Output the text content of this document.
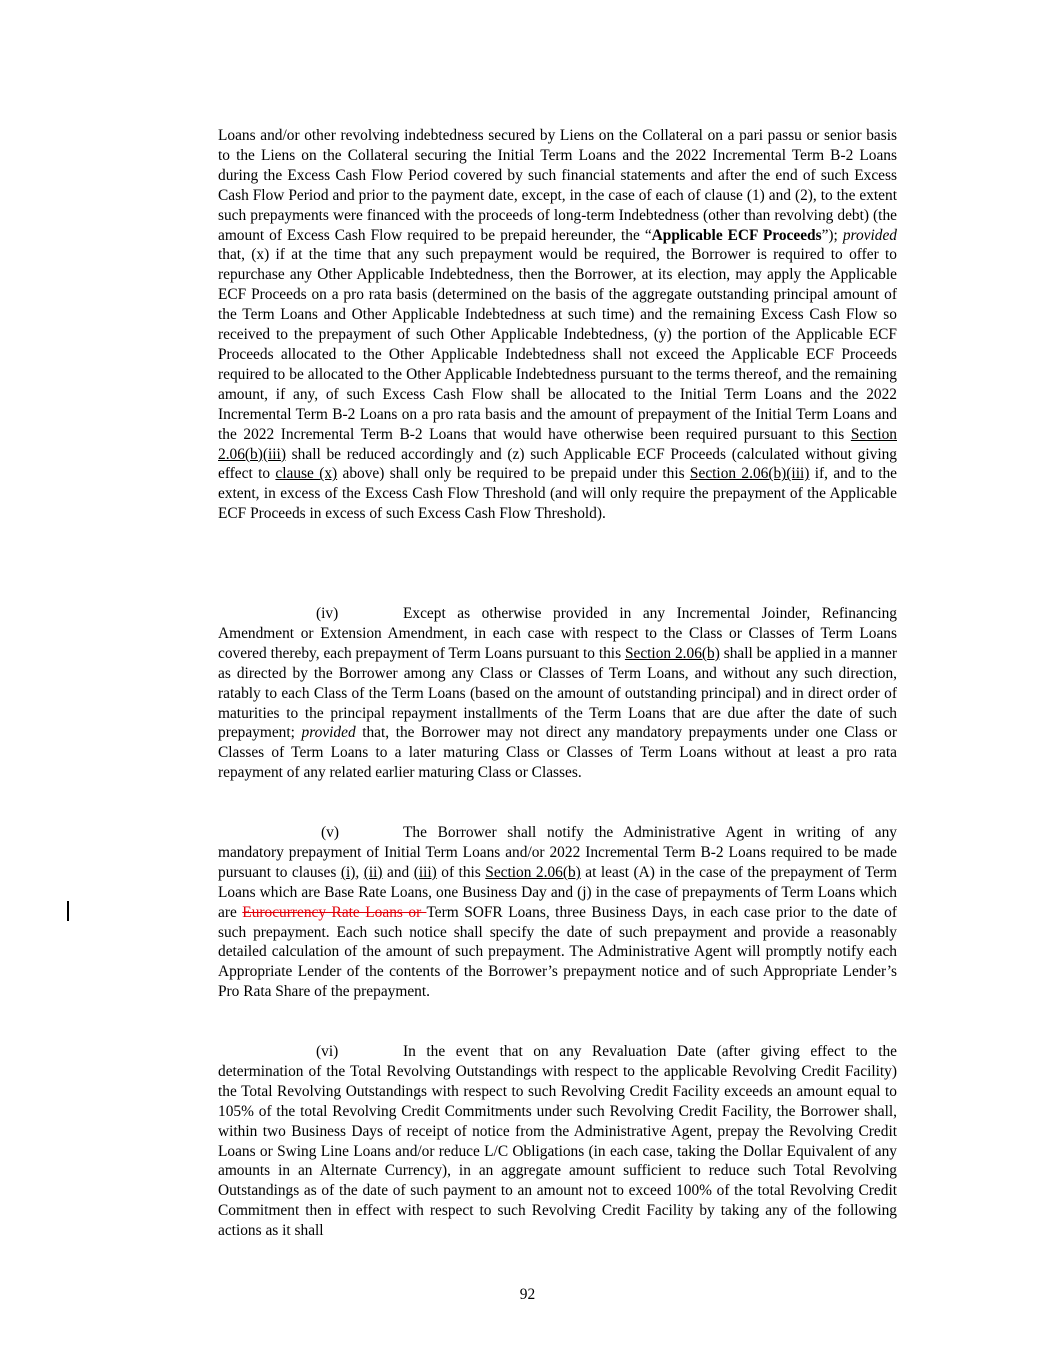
Loans and/or other revolving indebtedness secured by Liens on the Collateral on a pari passu or senior basis to the Liens on the Collateral securing the Initial Term Loans and the 2022 Incremental Term B-2 Loans during the Excess Cash Flow Period covered by such financial statements and after the end of such Excess Cash Flow Period and prior to the payment date, except, in the case of each of clause (1) and (2), to the extent such prepayments were financed with the proceeds of long-term Indebtedness (other than revolving debt) (the amount of Excess Cash Flow required to be prepaid hereunder, the “Applicable ECF Proceeds”); provided that, (x) if at the time that any such prepayment would be required, the Borrower is required to offer to repurchase any Other Applicable Indebtedness, then the Borrower, at its election, may apply the Applicable ECF Proceeds on a pro rata basis (determined on the basis of the aggregate outstanding principal amount of the Term Loans and Other Applicable Indebtedness at such time) and the remaining Excess Cash Flow so received to the prepayment of such Other Applicable Indebtedness, (y) the portion of the Applicable ECF Proceeds allocated to the Other Applicable Indebtedness shall not exceed the Applicable ECF Proceeds required to be allocated to the Other Applicable Indebtedness pursuant to the terms thereof, and the remaining amount, if any, of such Excess Cash Flow shall be allocated to the Initial Term Loans and the 2022 Incremental Term B-2 Loans on a pro rata basis and the amount of prepayment of the Initial Term Loans and the 2022 Incremental Term B-2 Loans that would have otherwise been required pursuant to this Section 2.06(b)(iii) shall be reduced accordingly and (z) such Applicable ECF Proceeds (calculated without giving effect to clause (x) above) shall only be required to be prepaid under this Section 2.06(b)(iii) if, and to the extent, in excess of the Excess Cash Flow Threshold (and will only require the prepayment of the Applicable ECF Proceeds in excess of such Excess Cash Flow Threshold).

(iv)	Except as otherwise provided in any Incremental Joinder, Refinancing Amendment or Extension Amendment, in each case with respect to the Class or Classes of Term Loans covered thereby, each prepayment of Term Loans pursuant to this Section 2.06(b) shall be applied in a manner as directed by the Borrower among any Class or Classes of Term Loans, and without any such direction, ratably to each Class of the Term Loans (based on the amount of outstanding principal) and in direct order of maturities to the principal repayment installments of the Term Loans that are due after the date of such prepayment; provided that, the Borrower may not direct any mandatory prepayments under one Class or Classes of Term Loans to a later maturing Class or Classes of Term Loans without at least a pro rata repayment of any related earlier maturing Class or Classes.

(v)	The Borrower shall notify the Administrative Agent in writing of any mandatory prepayment of Initial Term Loans and/or 2022 Incremental Term B-2 Loans required to be made pursuant to clauses (i), (ii) and (iii) of this Section 2.06(b) at least (A) in the case of the prepayment of Term Loans which are Base Rate Loans, one Business Day and (j) in the case of prepayments of Term Loans which are Eurocurrency Rate Loans or Term SOFR Loans, three Business Days, in each case prior to the date of such prepayment. Each such notice shall specify the date of such prepayment and provide a reasonably detailed calculation of the amount of such prepayment. The Administrative Agent will promptly notify each Appropriate Lender of the contents of the Borrower’s prepayment notice and of such Appropriate Lender’s Pro Rata Share of the prepayment.

(vi)	In the event that on any Revaluation Date (after giving effect to the determination of the Total Revolving Outstandings with respect to the applicable Revolving Credit Facility) the Total Revolving Outstandings with respect to such Revolving Credit Facility exceeds an amount equal to 105% of the total Revolving Credit Commitments under such Revolving Credit Facility, the Borrower shall, within two Business Days of receipt of notice from the Administrative Agent, prepay the Revolving Credit Loans or Swing Line Loans and/or reduce L/C Obligations (in each case, taking the Dollar Equivalent of any amounts in an Alternate Currency), in an aggregate amount sufficient to reduce such Total Revolving Outstandings as of the date of such payment to an amount not to exceed 100% of the total Revolving Credit Commitment then in effect with respect to such Revolving Credit Facility by taking any of the following actions as it shall

92
